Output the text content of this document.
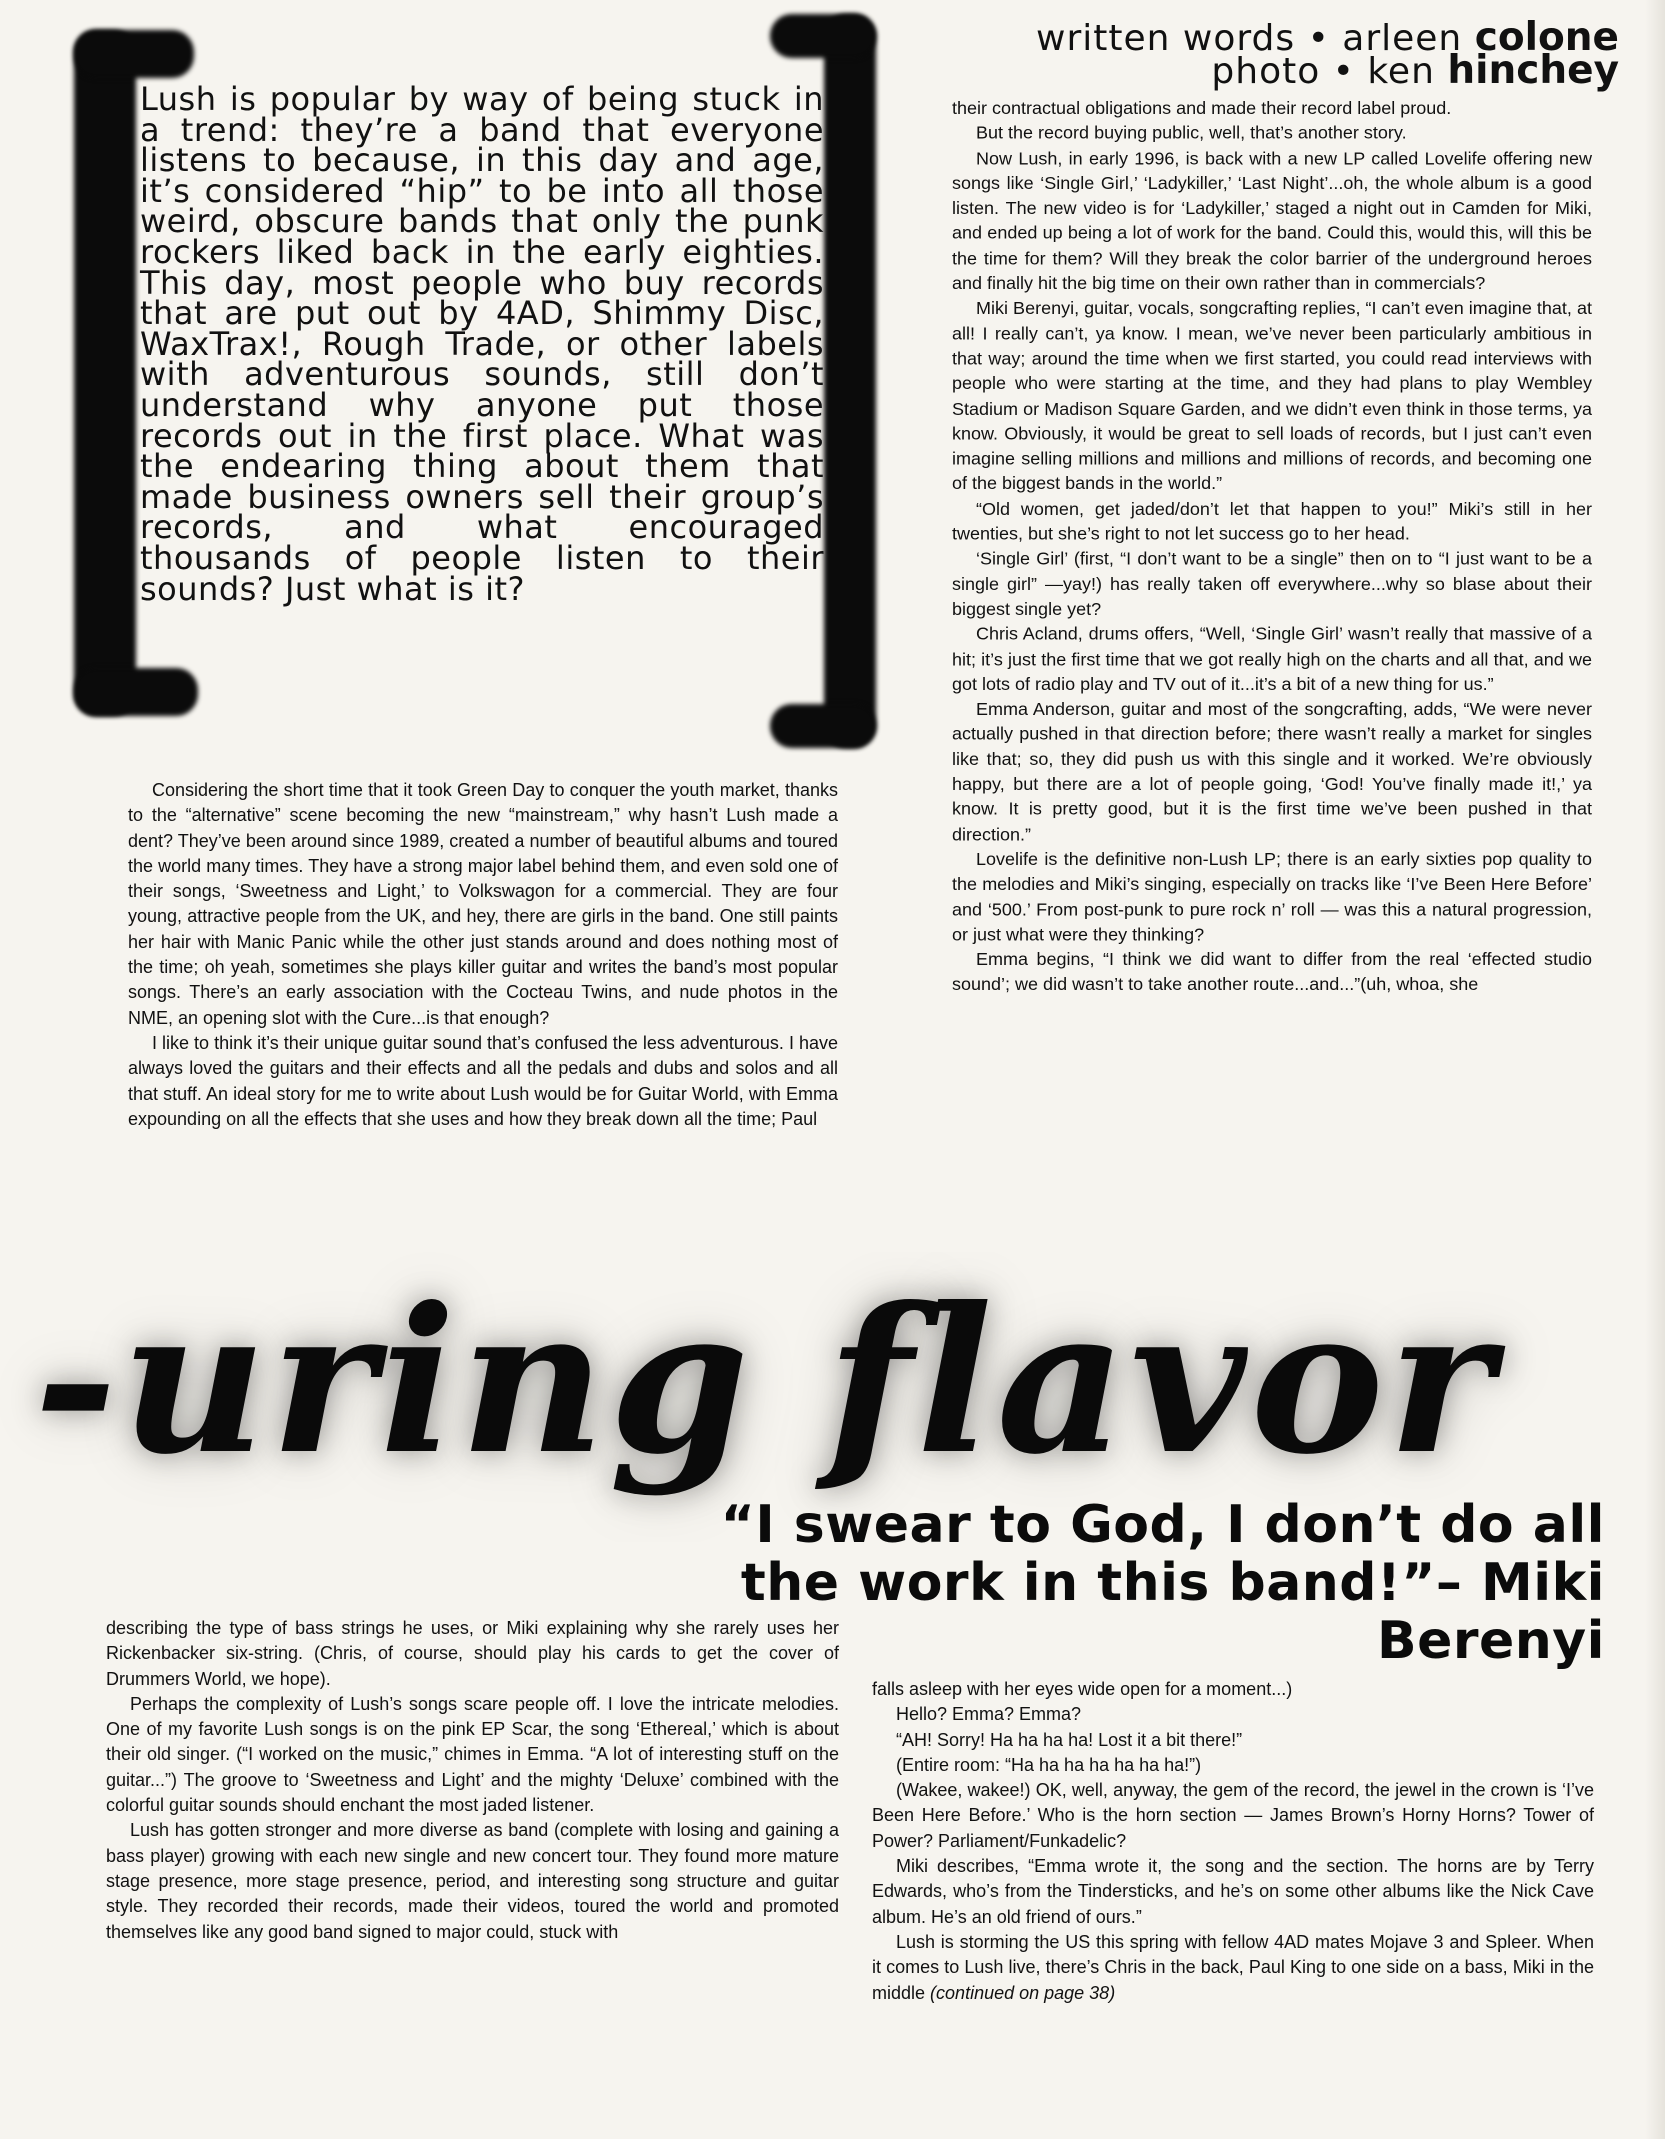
Lush is popular by way of being stuck in a trend: they’re a band that everyone listens to because, in this day and age, it’s considered “hip” to be into all those weird, obscure bands that only the punk rockers liked back in the early eighties. This day, most people who buy records that are put out by 4AD, Shimmy Disc, WaxTrax!, Rough Trade, or other labels with adventurous sounds, still don’t understand why anyone put those records out in the first place. What was the endearing thing about them that made business owners sell their group’s records, and what encouraged thousands of people listen to their sounds? Just what is it?

written words • arleen colone
photo • ken hinchey

their contractual obligations and made their record label proud.

But the record buying public, well, that’s another story.

Now Lush, in early 1996, is back with a new LP called Lovelife offering new songs like ‘Single Girl,’ ‘Ladykiller,’ ‘Last Night’...oh, the whole album is a good listen. The new video is for ‘Ladykiller,’ staged a night out in Camden for Miki, and ended up being a lot of work for the band. Could this, would this, will this be the time for them? Will they break the color barrier of the underground heroes and finally hit the big time on their own rather than in commercials?

Miki Berenyi, guitar, vocals, songcrafting replies, “I can’t even imagine that, at all! I really can’t, ya know. I mean, we’ve never been particularly ambitious in that way; around the time when we first started, you could read interviews with people who were starting at the time, and they had plans to play Wembley Stadium or Madison Square Garden, and we didn’t even think in those terms, ya know. Obviously, it would be great to sell loads of records, but I just can’t even imagine selling millions and millions and millions of records, and becoming one of the biggest bands in the world.”

“Old women, get jaded/don’t let that happen to you!” Miki’s still in her twenties, but she’s right to not let success go to her head.

‘Single Girl’ (first, “I don’t want to be a single” then on to “I just want to be a single girl” —yay!) has really taken off everywhere...why so blase about their biggest single yet?

Chris Acland, drums offers, “Well, ‘Single Girl’ wasn’t really that massive of a hit; it’s just the first time that we got really high on the charts and all that, and we got lots of radio play and TV out of it...it’s a bit of a new thing for us.”

Emma Anderson, guitar and most of the songcrafting, adds, “We were never actually pushed in that direction before; there wasn’t really a market for singles like that; so, they did push us with this single and it worked. We’re obviously happy, but there are a lot of people going, ‘God! You’ve finally made it!,’ ya know. It is pretty good, but it is the first time we’ve been pushed in that direction.”

Lovelife is the definitive non-Lush LP; there is an early sixties pop quality to the melodies and Miki’s singing, especially on tracks like ‘I’ve Been Here Before’ and ‘500.’ From post-punk to pure rock n’ roll — was this a natural progression, or just what were they thinking?

Emma begins, “I think we did want to differ from the real ‘effected studio sound’; we did wasn’t to take another route...and...”(uh, whoa, she

Considering the short time that it took Green Day to conquer the youth market, thanks to the “alternative” scene becoming the new “mainstream,” why hasn’t Lush made a dent? They’ve been around since 1989, created a number of beautiful albums and toured the world many times. They have a strong major label behind them, and even sold one of their songs, ‘Sweetness and Light,’ to Volkswagon for a commercial. They are four young, attractive people from the UK, and hey, there are girls in the band. One still paints her hair with Manic Panic while the other just stands around and does nothing most of the time; oh yeah, sometimes she plays killer guitar and writes the band’s most popular songs. There’s an early association with the Cocteau Twins, and nude photos in the NME, an opening slot with the Cure...is that enough?

I like to think it’s their unique guitar sound that’s confused the less adventurous. I have always loved the guitars and their effects and all the pedals and dubs and solos and all that stuff. An ideal story for me to write about Lush would be for Guitar World, with Emma expounding on all the effects that she uses and how they break down all the time; Paul

-uring flavor
“I swear to God, I don’t do all the work in this band!”– Miki Berenyi

describing the type of bass strings he uses, or Miki explaining why she rarely uses her Rickenbacker six-string. (Chris, of course, should play his cards to get the cover of Drummers World, we hope).

Perhaps the complexity of Lush’s songs scare people off. I love the intricate melodies. One of my favorite Lush songs is on the pink EP Scar, the song ‘Ethereal,’ which is about their old singer. (“I worked on the music,” chimes in Emma. “A lot of interesting stuff on the guitar...”) The groove to ‘Sweetness and Light’ and the mighty ‘Deluxe’ combined with the colorful guitar sounds should enchant the most jaded listener.

Lush has gotten stronger and more diverse as band (complete with losing and gaining a bass player) growing with each new single and new concert tour. They found more mature stage presence, more stage presence, period, and interesting song structure and guitar style. They recorded their records, made their videos, toured the world and promoted themselves like any good band signed to major could, stuck with

falls asleep with her eyes wide open for a moment...)

Hello? Emma? Emma?

“AH! Sorry! Ha ha ha ha! Lost it a bit there!”

(Entire room: “Ha ha ha ha ha ha ha!”)

(Wakee, wakee!) OK, well, anyway, the gem of the record, the jewel in the crown is ‘I’ve Been Here Before.’ Who is the horn section — James Brown’s Horny Horns? Tower of Power? Parliament/Funkadelic?

Miki describes, “Emma wrote it, the song and the section. The horns are by Terry Edwards, who’s from the Tindersticks, and he’s on some other albums like the Nick Cave album. He’s an old friend of ours.”

Lush is storming the US this spring with fellow 4AD mates Mojave 3 and Spleer. When it comes to Lush live, there’s Chris in the back, Paul King to one side on a bass, Miki in the middle (continued on page 38)
